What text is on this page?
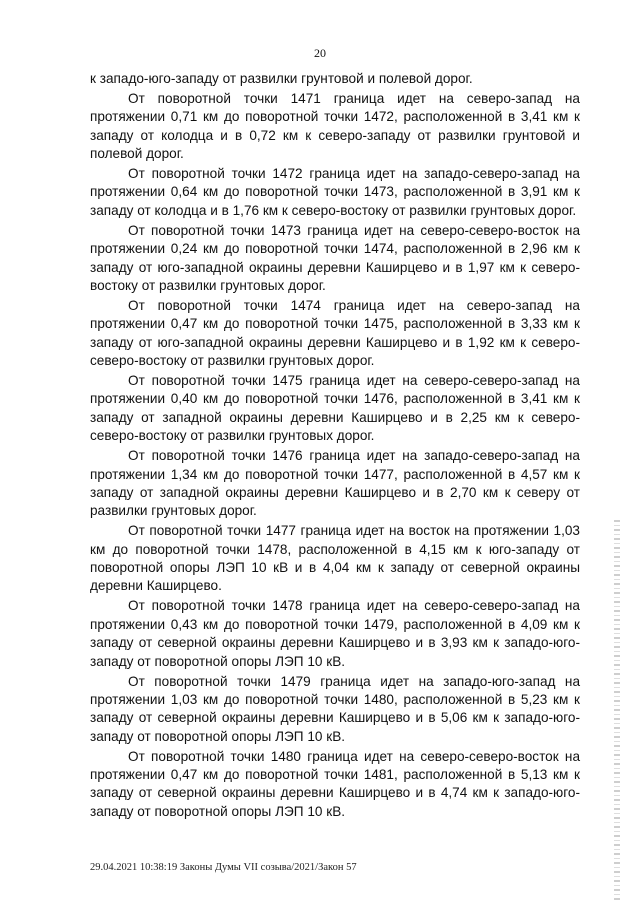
20

к западо-юго-западу от развилки грунтовой и полевой дорог.

От поворотной точки 1471 граница идет на северо-запад на протяжении 0,71 км до поворотной точки 1472, расположенной в 3,41 км к западу от колодца и в 0,72 км к северо-западу от развилки грунтовой и полевой дорог.

От поворотной точки 1472 граница идет на западо-северо-запад на протяжении 0,64 км до поворотной точки 1473, расположенной в 3,91 км к западу от колодца и в 1,76 км к северо-востоку от развилки грунтовых дорог.

От поворотной точки 1473 граница идет на северо-северо-восток на протяжении 0,24 км до поворотной точки 1474, расположенной в 2,96 км к западу от юго-западной окраины деревни Каширцево и в 1,97 км к северо-востоку от развилки грунтовых дорог.

От поворотной точки 1474 граница идет на северо-запад на протяжении 0,47 км до поворотной точки 1475, расположенной в 3,33 км к западу от юго-западной окраины деревни Каширцево и в 1,92 км к северо-северо-востоку от развилки грунтовых дорог.

От поворотной точки 1475 граница идет на северо-северо-запад на протяжении 0,40 км до поворотной точки 1476, расположенной в 3,41 км к западу от западной окраины деревни Каширцево и в 2,25 км к северо-северо-востоку от развилки грунтовых дорог.

От поворотной точки 1476 граница идет на западо-северо-запад на протяжении 1,34 км до поворотной точки 1477, расположенной в 4,57 км к западу от западной окраины деревни Каширцево и в 2,70 км к северу от развилки грунтовых дорог.

От поворотной точки 1477 граница идет на восток на протяжении 1,03 км до поворотной точки 1478, расположенной в 4,15 км к юго-западу от поворотной опоры ЛЭП 10 кВ и в 4,04 км к западу от северной окраины деревни Каширцево.

От поворотной точки 1478 граница идет на северо-северо-запад на протяжении 0,43 км до поворотной точки 1479, расположенной в 4,09 км к западу от северной окраины деревни Каширцево и в 3,93 км к западо-юго-западу от поворотной опоры ЛЭП 10 кВ.

От поворотной точки 1479 граница идет на западо-юго-запад на протяжении 1,03 км до поворотной точки 1480, расположенной в 5,23 км к западу от северной окраины деревни Каширцево и в 5,06 км к западо-юго-западу от поворотной опоры ЛЭП 10 кВ.

От поворотной точки 1480 граница идет на северо-северо-восток на протяжении 0,47 км до поворотной точки 1481, расположенной в 5,13 км к западу от северной окраины деревни Каширцево и в 4,74 км к западо-юго-западу от поворотной опоры ЛЭП 10 кВ.

29.04.2021 10:38:19 Законы Думы VII созыва/2021/Закон 57
